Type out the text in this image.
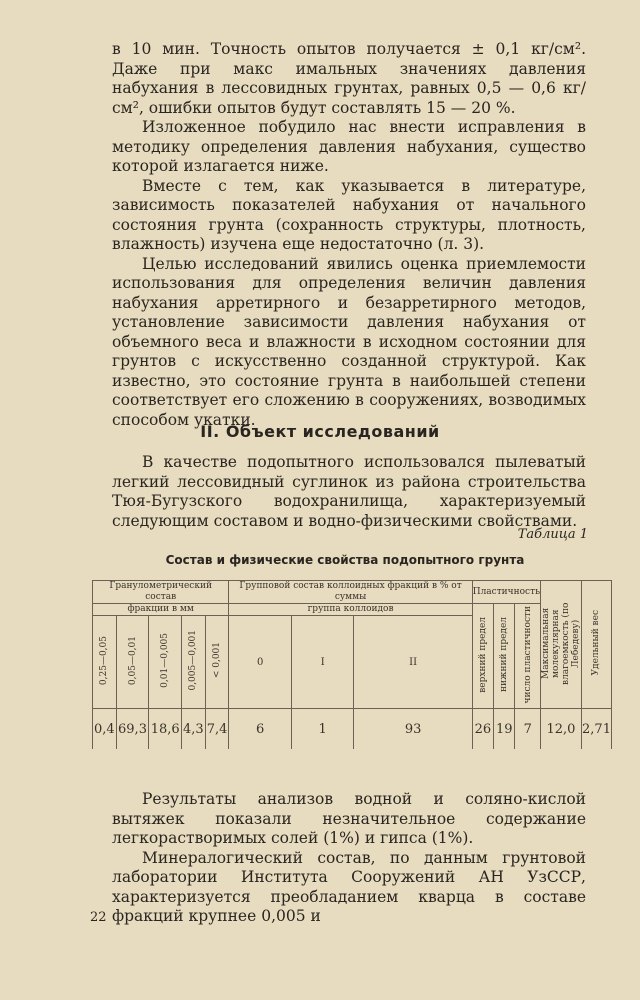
в 10 мин. Точность опытов получается ± 0,1 кг/см². Даже при макс имальных значениях давления набухания в лессовидных грунтах, равных 0,5 — 0,6 кг/см², ошибки опытов будут составлять 15 — 20 %.

Изложенное побудило нас внести исправления в методику определения давления набухания, существо которой излагается ниже.

Вместе с тем, как указывается в литературе, зависимость показателей набухания от начального состояния грунта (сохранность структуры, плотность, влажность) изучена еще недостаточно (л. 3).

Целью исследований явились оценка приемлемости использования для определения величин давления набухания арретирного и безарретирного методов, установление зависимости давления набухания от объемного веса и влажности в исходном состоянии для грунтов с искусственно созданной структурой. Как известно, это состояние грунта в наибольшей степени соответствует его сложению в сооружениях, возводимых способом укатки.

II. Объект исследований

В качестве подопытного использовался пылеватый легкий лессовидный суглинок из района строительства Тюя-Бугузского водохранилища, характеризуемый следующим составом и водно-физическими свойствами.

Таблица 1
Состав и физические свойства подопытного грунта
Гранулометрический состав					Групповой состав коллоидных фракций в % от суммы			Пластичность			Максимальная молекулярная влагоемкость (по Лебедеву)	Удельный вес
фракции в мм					группа коллоидов			верхний предел	нижний предел	число пластичности		
0,25—0,05	0,05—0,01	0,01—0,005	0,005—0,001	< 0,001	0	I	II					
0,4	69,3	18,6	4,3	7,4	6	1	93	26	19	7	12,0	2,71

Результаты анализов водной и соляно-кислой вытяжек показали незначительное содержание легкорастворимых солей (1%) и гипса (1%).

Минералогический состав, по данным грунтовой лаборатории Института Сооружений АН УзССР, характеризуется преобладанием кварца в составе фракций крупнее 0,005 и

22
